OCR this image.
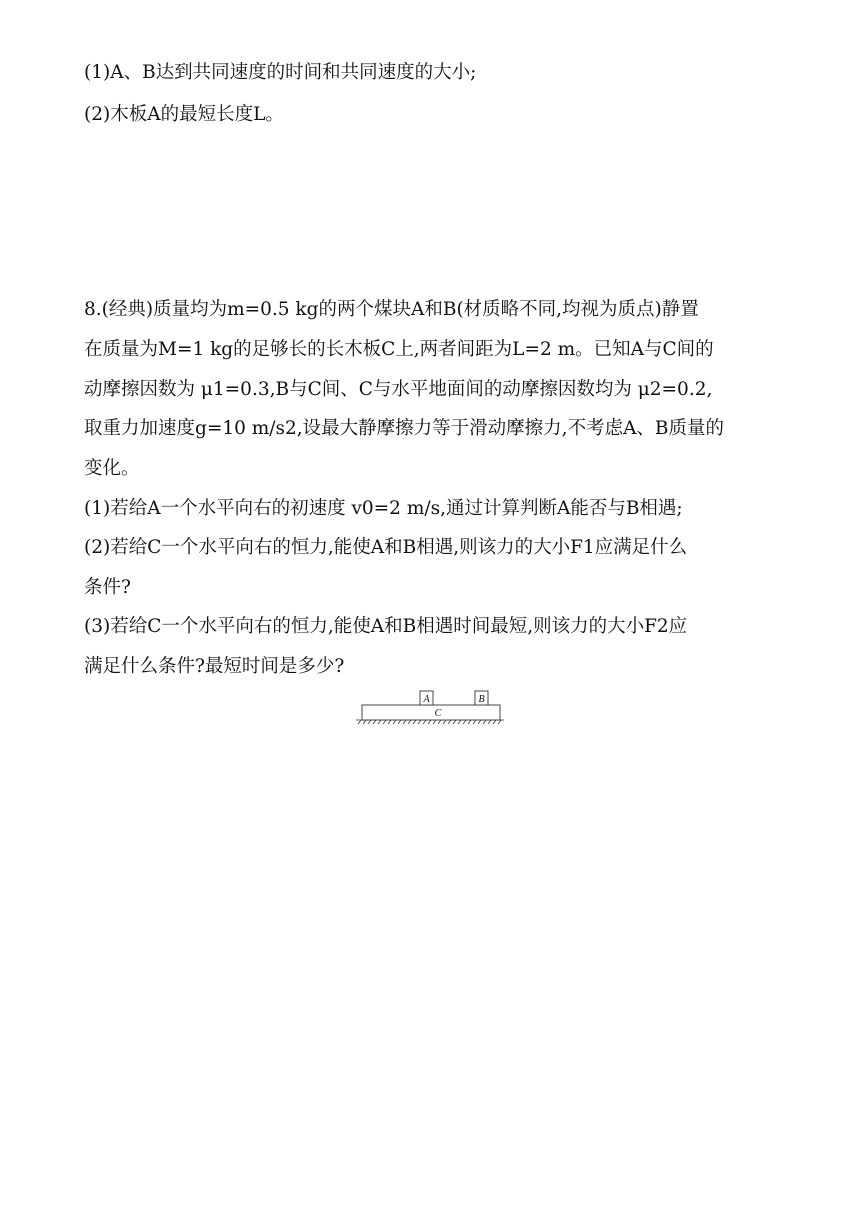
(1)A、B达到共同速度的时间和共同速度的大小;
(2)木板A的最短长度L。
8.(经典)质量均为m=0.5 kg的两个煤块A和B(材质略不同,均视为质点)静置
在质量为M=1 kg的足够长的长木板C上,两者间距为L=2 m。已知A与C间的
动摩擦因数为 μ1=0.3,B与C间、C与水平地面间的动摩擦因数均为 μ2=0.2,
取重力加速度g=10 m/s2,设最大静摩擦力等于滑动摩擦力,不考虑A、B质量的
变化。
(1)若给A一个水平向右的初速度 v0=2 m/s,通过计算判断A能否与B相遇;
(2)若给C一个水平向右的恒力,能使A和B相遇,则该力的大小F1应满足什么
条件?
(3)若给C一个水平向右的恒力,能使A和B相遇时间最短,则该力的大小F2应
满足什么条件?最短时间是多少?
A	B
C
